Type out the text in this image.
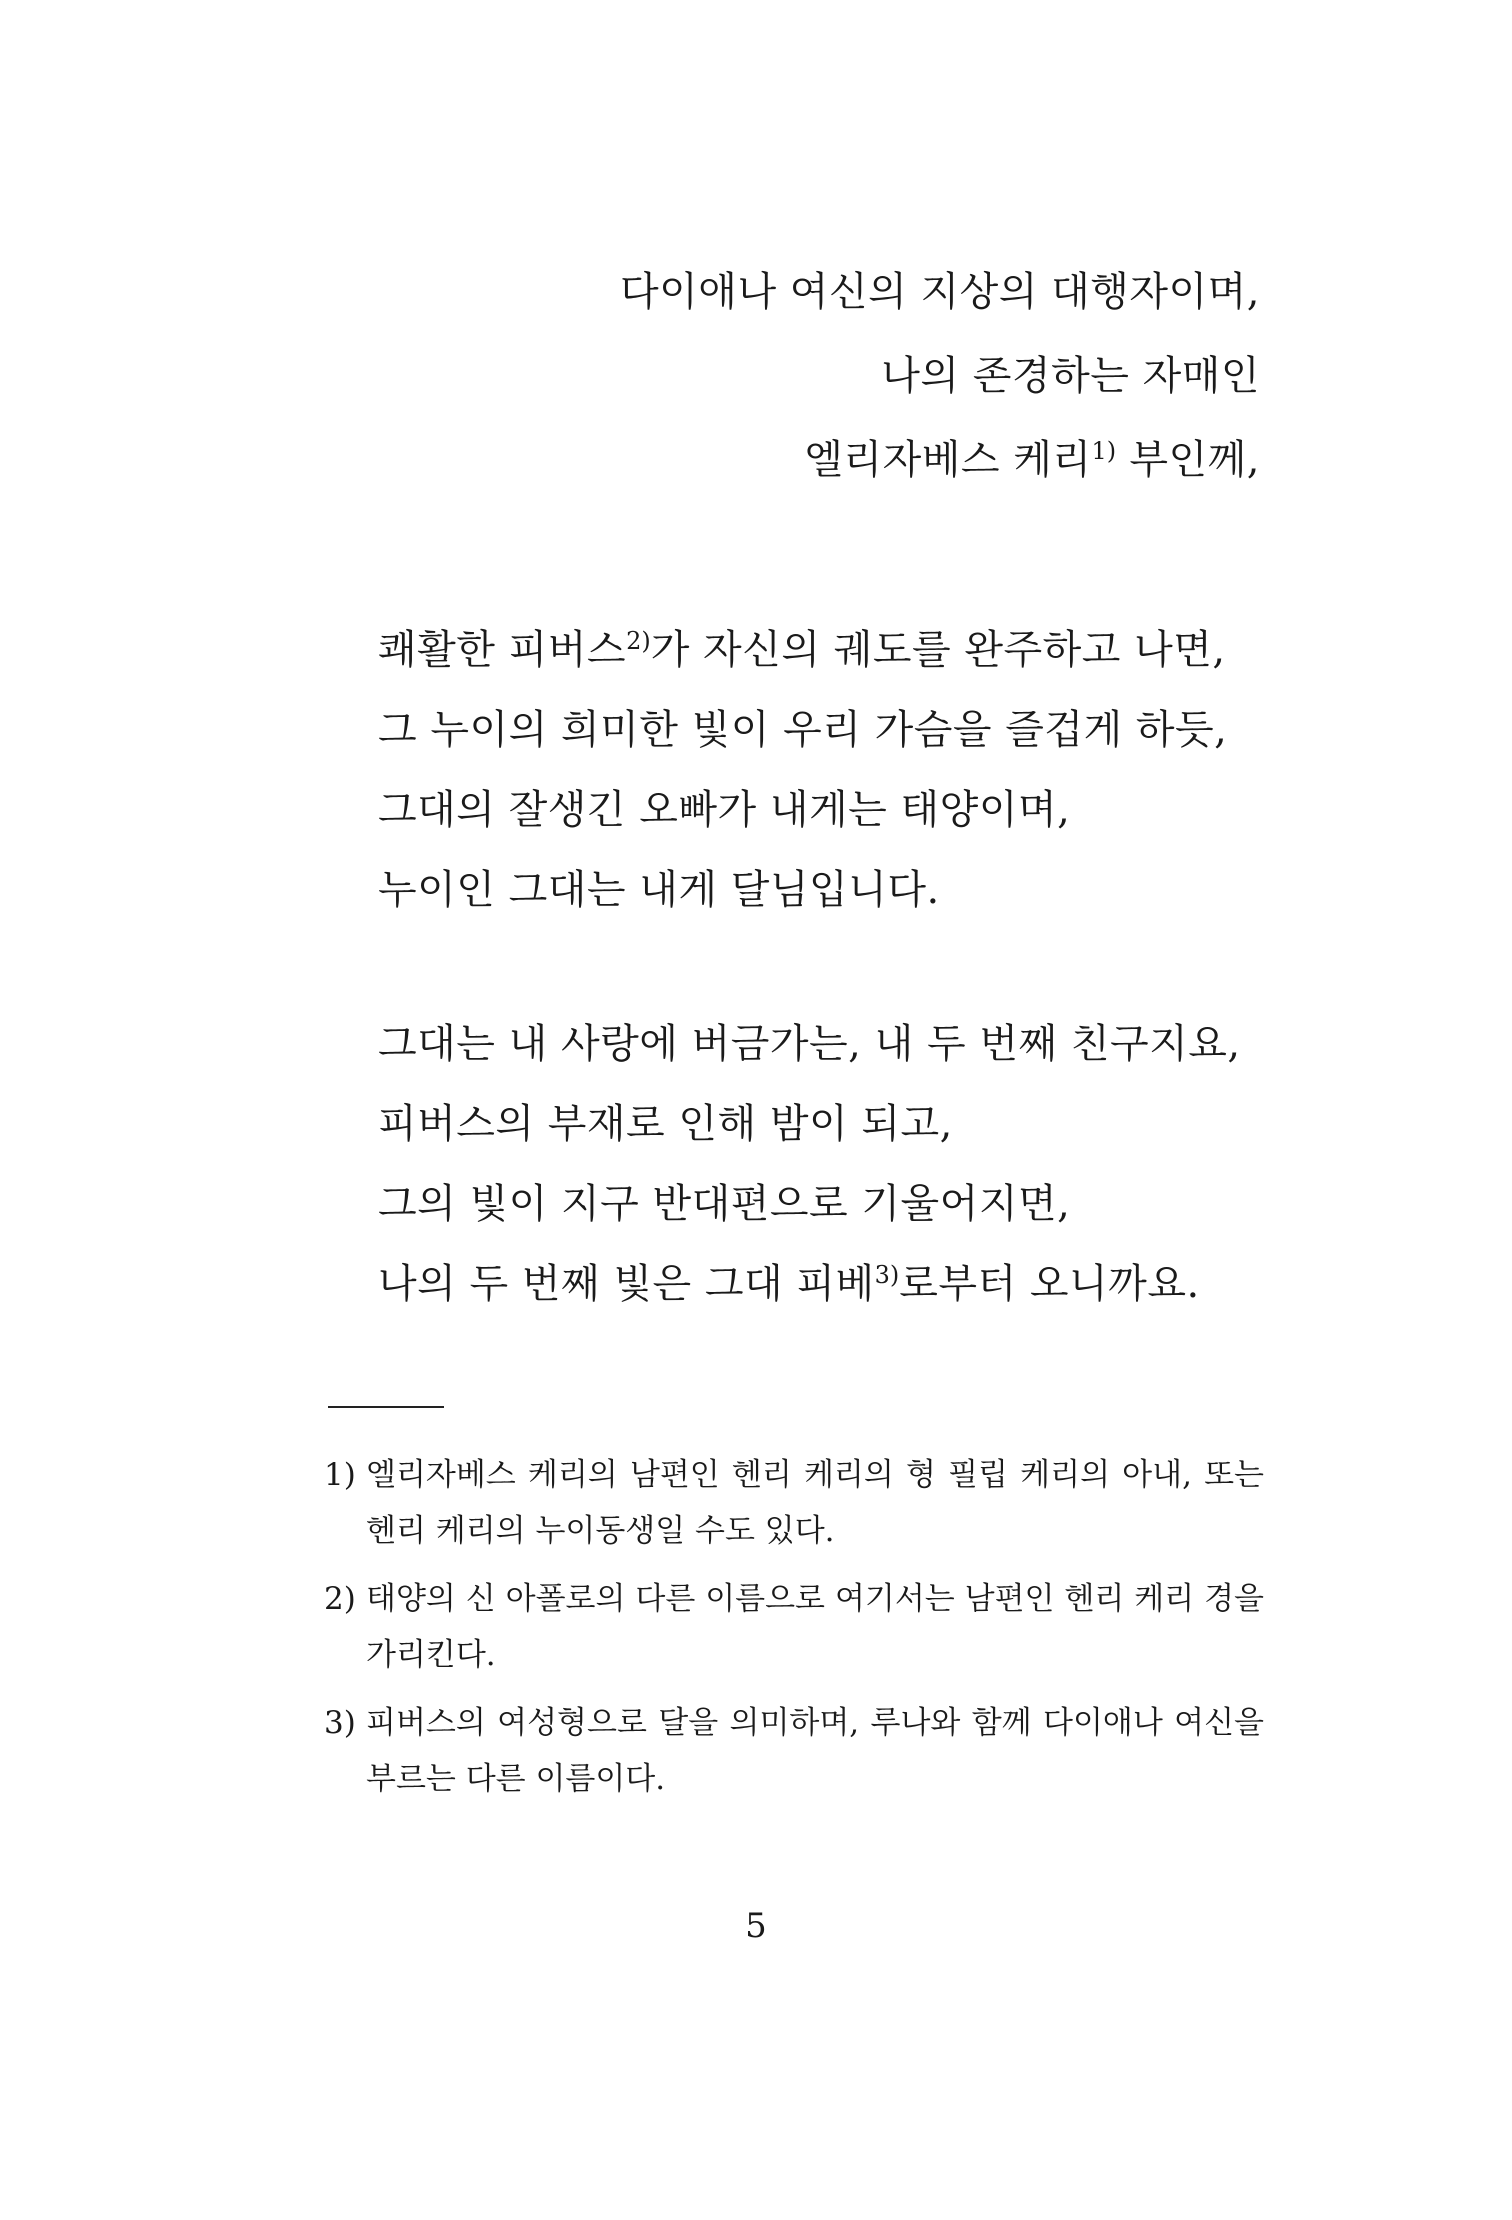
다이애나 여신의 지상의 대행자이며,
나의 존경하는 자매인
엘리자베스 케리$^{1)}$ 부인께,
쾌활한 피버스$^{2)}$가 자신의 궤도를 완주하고 나면,
그 누이의 희미한 빛이 우리 가슴을 즐겁게 하듯,
그대의 잘생긴 오빠가 내게는 태양이며,
누이인 그대는 내게 달님입니다.
그대는 내 사랑에 버금가는, 내 두 번째 친구지요,
피버스의 부재로 인해 밤이 되고,
그의 빛이 지구 반대편으로 기울어지면,
나의 두 번째 빛은 그대 피베$^{3)}$로부터 오니까요.
1) 엘리자베스 케리의 남편인 헨리 케리의 형 필립 케리의 아내, 또는 헨리 케리의 누이동생일 수도 있다.
2) 태양의 신 아폴로의 다른 이름으로 여기서는 남편인 헨리 케리 경을 가리킨다.
3) 피버스의 여성형으로 달을 의미하며, 루나와 함께 다이애나 여신을 부르는 다른 이름이다.
5
